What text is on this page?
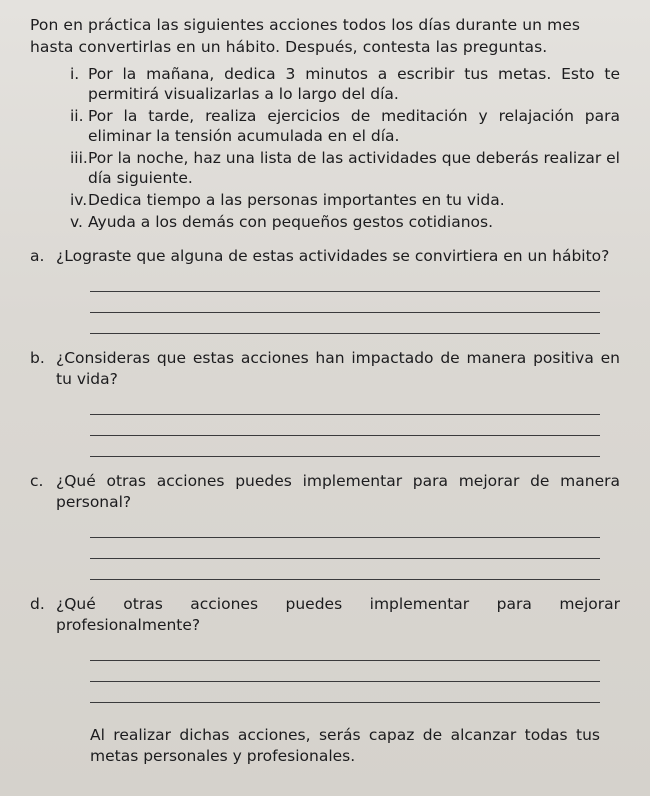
Pon en práctica las siguientes acciones todos los días durante un mes hasta convertirlas en un hábito. Después, contesta las preguntas.

i. Por la mañana, dedica 3 minutos a escribir tus metas. Esto te permitirá visualizarlas a lo largo del día.
ii. Por la tarde, realiza ejercicios de meditación y relajación para eliminar la tensión acumulada en el día.
iii. Por la noche, haz una lista de las actividades que deberás realizar el día siguiente.
iv. Dedica tiempo a las personas importantes en tu vida.
v. Ayuda a los demás con pequeños gestos cotidianos.
a. ¿Lograste que alguna de estas actividades se convirtiera en un hábito?
b. ¿Consideras que estas acciones han impactado de manera positiva en tu vida?
c. ¿Qué otras acciones puedes implementar para mejorar de manera personal?
d. ¿Qué otras acciones puedes implementar para mejorar profesionalmente?

Al realizar dichas acciones, serás capaz de alcanzar todas tus metas personales y profesionales.
